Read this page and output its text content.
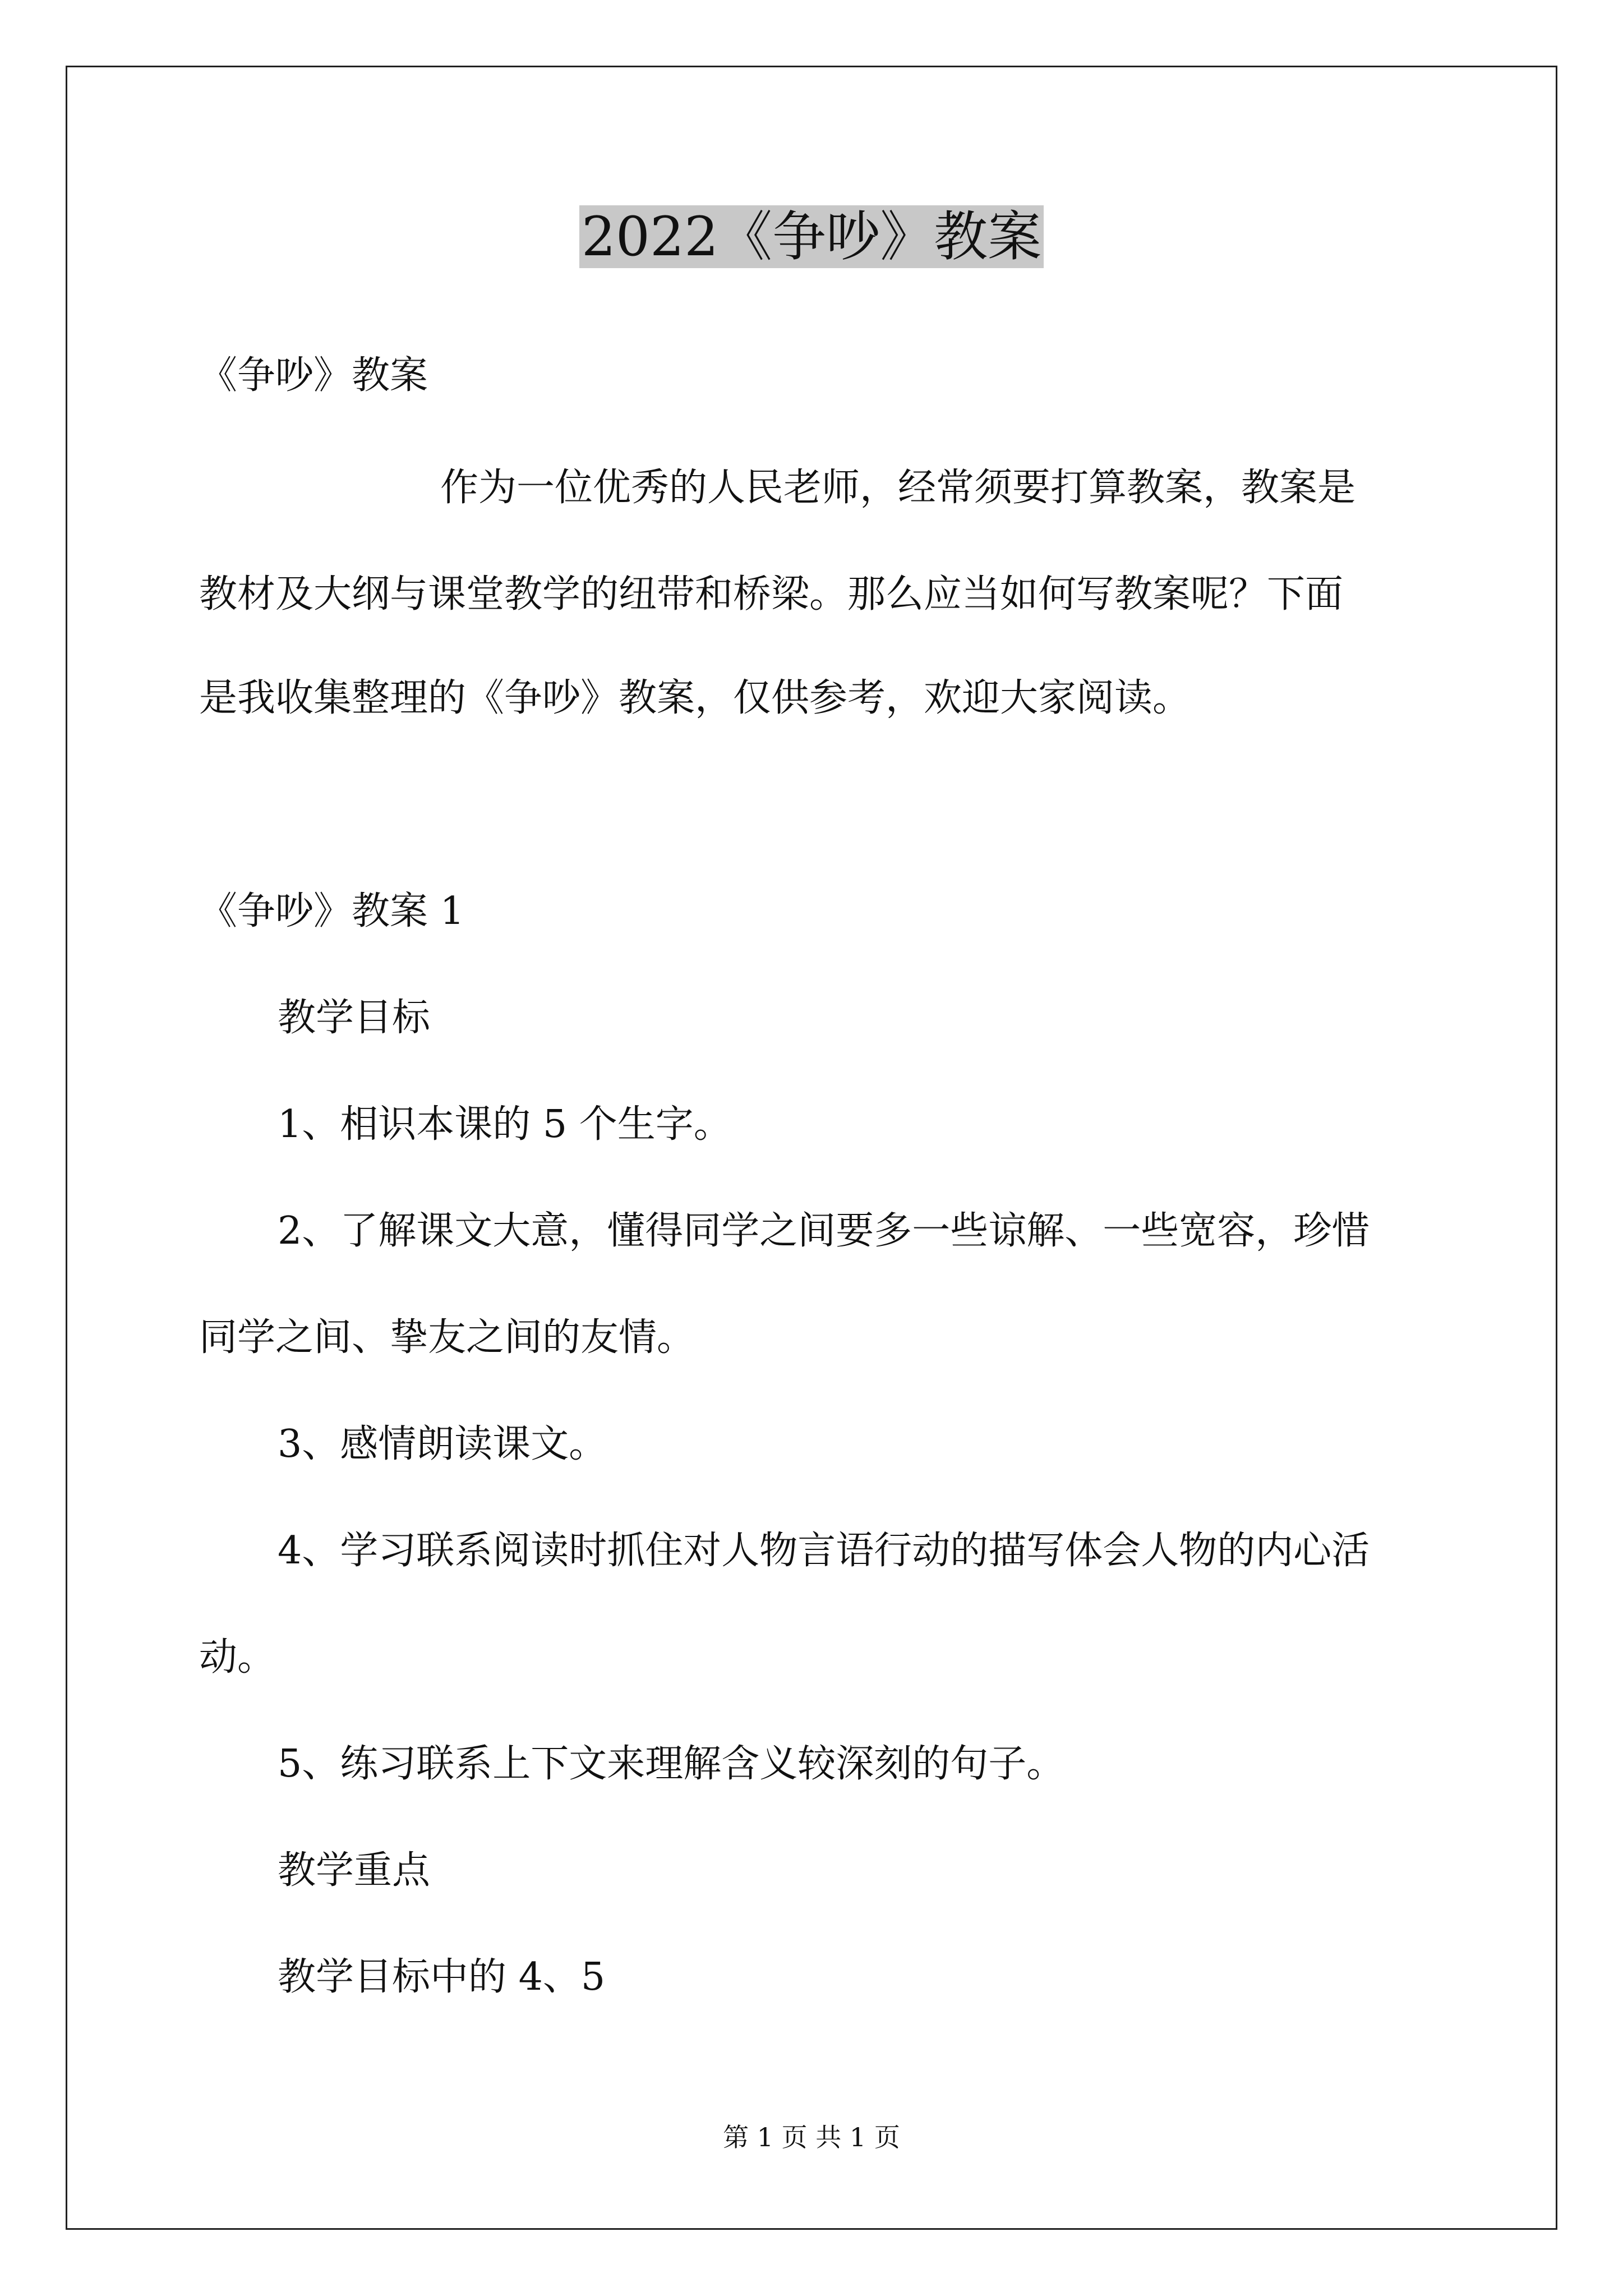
2022《争吵》教案
《争吵》教案
作为一位优秀的人民老师，经常须要打算教案，教案是
教材及大纲与课堂教学的纽带和桥梁。那么应当如何写教案呢？下面
是我收集整理的《争吵》教案，仅供参考，欢迎大家阅读。
《争吵》教案 1
教学目标
1、相识本课的 5 个生字。
2、了解课文大意，懂得同学之间要多一些谅解、一些宽容，珍惜
同学之间、挚友之间的友情。
3、感情朗读课文。
4、学习联系阅读时抓住对人物言语行动的描写体会人物的内心活
动。
5、练习联系上下文来理解含义较深刻的句子。
教学重点
教学目标中的 4、5
第 1 页 共 1 页
